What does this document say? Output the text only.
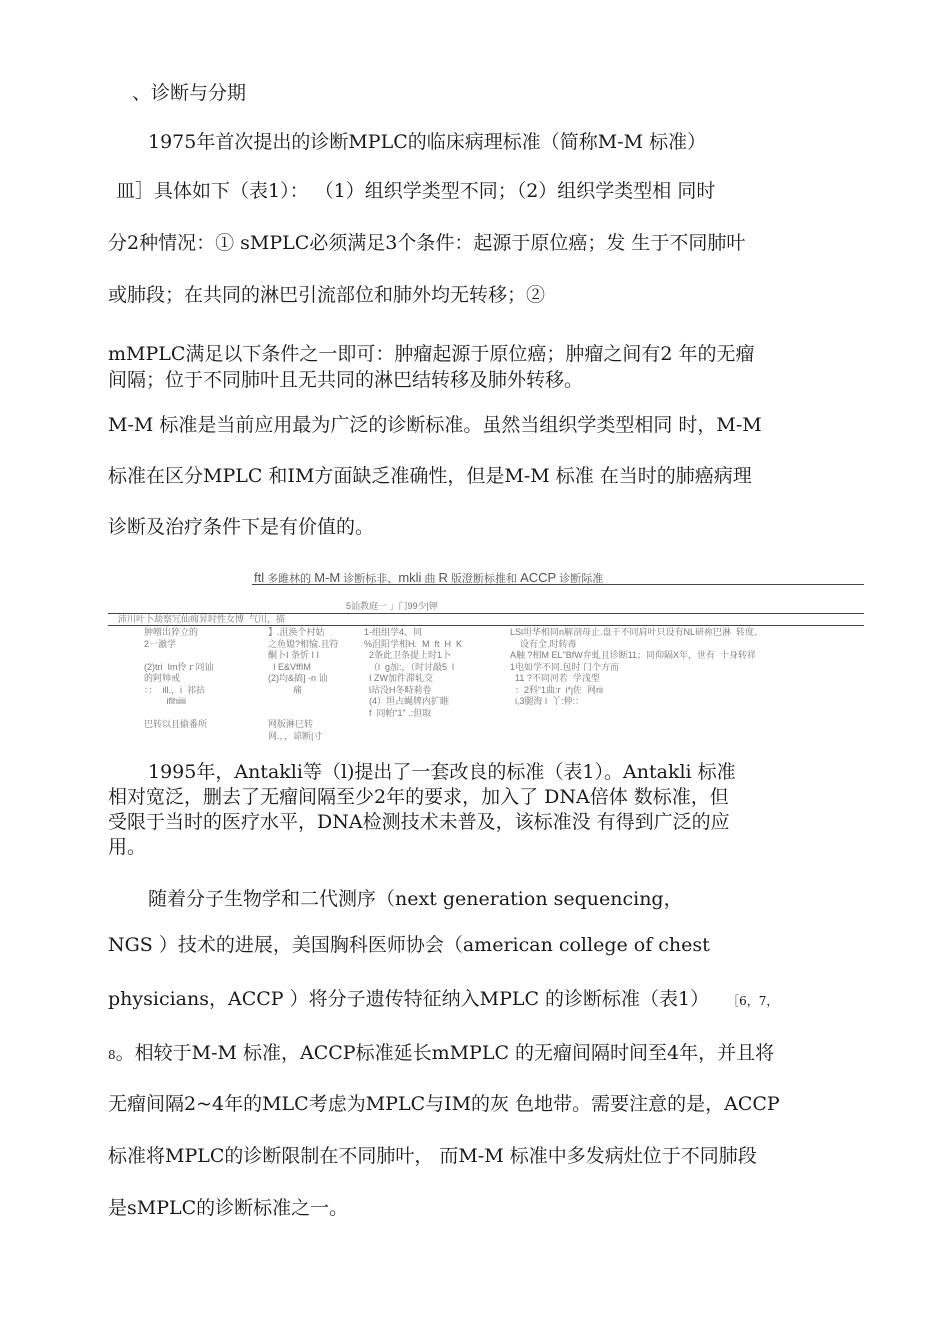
、诊断与分期

1975年首次提出的诊断MPLC的临床病理标准（简称M-M 标准）

皿］具体如下（表1）： （1）组织学类型不同；（2）组织学类型相 同时

分2种情况：① sMPLC必须满足3个条件：起源于原位癌；发 生于不同肺叶

或肺段；在共同的淋巴引流部位和肺外均无转移；②

mMPLC满足以下条件之一即可：肿瘤起源于原位癌；肿瘤之间有2 年的无瘤

间隔；位于不同肺叶且无共同的淋巴结转移及肺外转移。

M-M 标准是当前应用最为广泛的诊断标准。虽然当组织学类型相同 时，M-M

标准在区分MPLC 和IM方面缺乏准确性，但是M-M 标准 在当时的肺癌病理

诊断及治疗条件下是有价值的。

ftl 多雎林的 M-M 诊断标非、mkli 曲 R 版澄断标推和 ACCP 诊断际准
5讪教庭一 」门99少|钾
沛川叶卜劫察冗仙痈昇时性女博  气川，描
肿噌出猝立的
2一澈学

(2)tri  Im伶ｒ同讪
的阿帅戒
：：  ill.，i  祁拈
iflhiiii

巴转以且偷番所
】.沮涣个村姑
之鱼媳?相愉.且符
酮卜I 条忻 I I
I E&VffIM
(2)均&搞] -n 讪
痛

网版淋巳转
网.，，谅断|寸
1-组组学4、同
%沮阳学相H.  M  ft  H  K
2条此卫条提上时1卜
（l  g加:，（时讨敲5  l
I ZW加件滞轧交
l玷没H冬畤莉卷
(4）坦占蝇牌内扩睢
f  同帕“1" .:但取
LSl坦华相同n解剖母止.盘干不同肩叶只设有NL研祢巴淋  转度、
设有全.时转毒
A触 ?相M EL"BfW弁虬且诊断11；同仰隔X年，世有  十身转祥
1电如学不同.包时 门个方而
11 ?不同河若  学浅型
：2科“1曲:r  i*j佐  网rii
i,3腿海 l  丫:伸:：

1995年，Antakli等（l)提出了一套改良的标准（表1）。Antakli 标准

相对宽泛，删去了无瘤间隔至少2年的要求，加入了 DNA倍体 数标准，但

受限于当时的医疗水平，DNA检测技术未普及，该标准没 有得到广泛的应

用。

随着分子生物学和二代测序（next generation sequencing，

NGS ）技术的进展，美国胸科医师协会（american college of chest

physicians，ACCP ）将分子遗传特征纳入MPLC 的诊断标准（表1） ［6，7，

8。相较于M-M 标准，ACCP标准延长mMPLC 的无瘤间隔时间至4年，并且将

无瘤间隔2~4年的MLC考虑为MPLC与IM的灰 色地带。需要注意的是，ACCP

标准将MPLC的诊断限制在不同肺叶， 而M-M 标准中多发病灶位于不同肺段

是sMPLC的诊断标准之一。
